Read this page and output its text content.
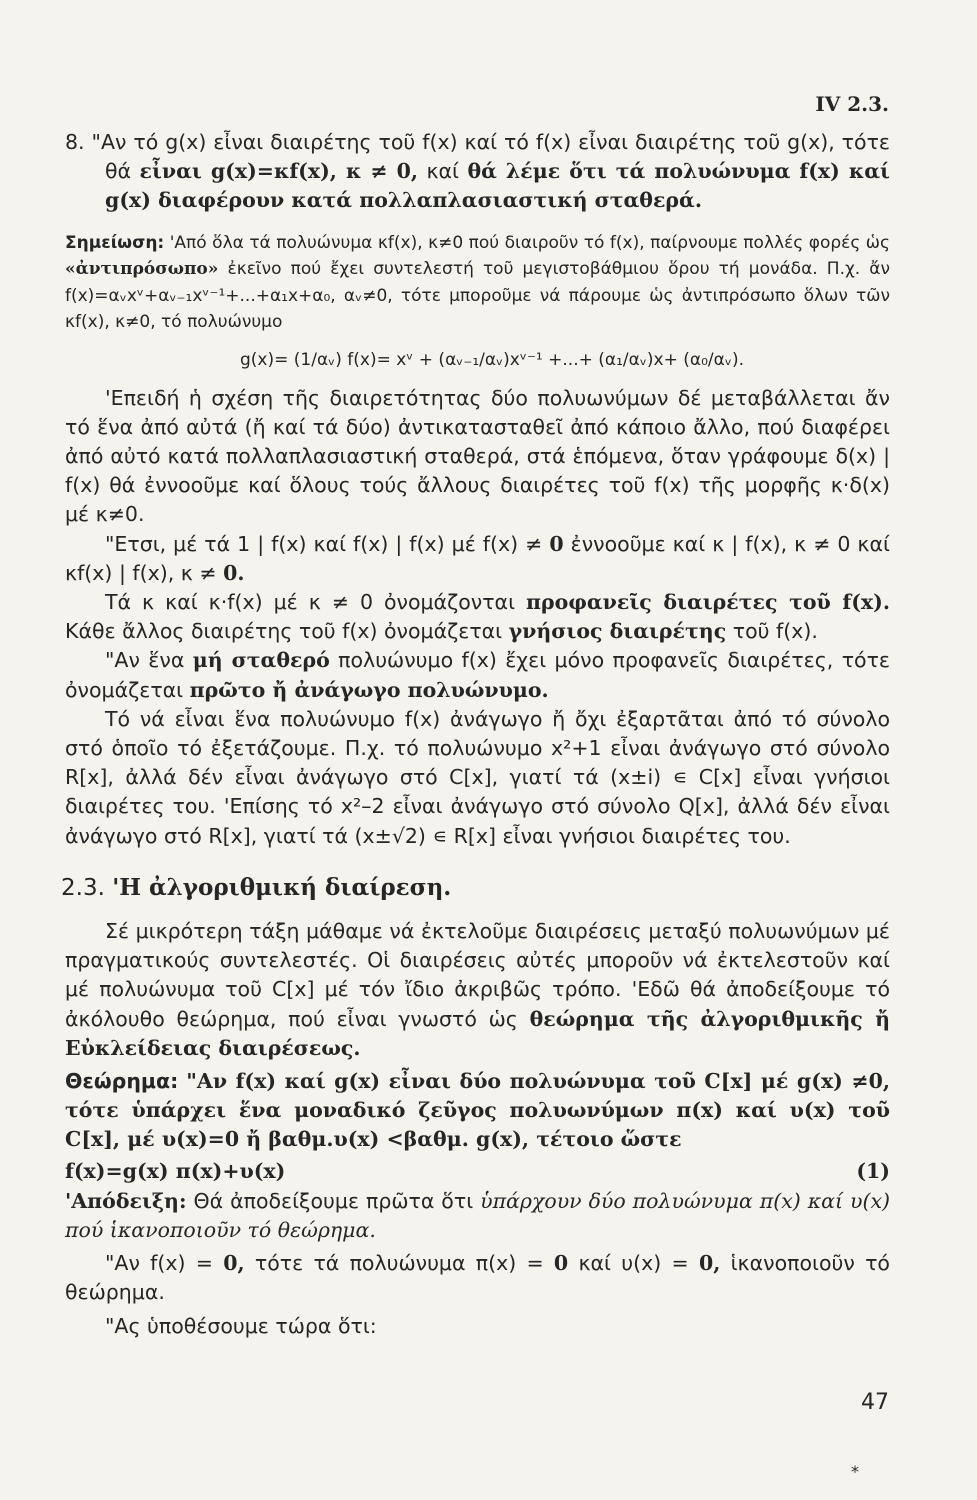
IV 2.3.

8. "Αν τό g(x) εἶναι διαιρέτης τοῦ f(x) καί τό f(x) εἶναι διαιρέτης τοῦ g(x), τότε θά εἶναι g(x)=κf(x), κ ≠ 0, καί θά λέμε ὅτι τά πολυώνυμα f(x) καί g(x) διαφέρουν κατά πολλαπλασιαστική σταθερά.

Σημείωση: 'Από ὅλα τά πολυώνυμα κf(x), κ≠0 πού διαιροῦν τό f(x), παίρνουμε πολλές φορές ὡς «ἀντιπρόσωπο» ἐκεῖνο πού ἔχει συντελεστή τοῦ μεγιστοβάθμιου ὅρου τή μονάδα. Π.χ. ἄν f(x)=αᵥxᵛ+αᵥ₋₁xᵛ⁻¹+...+α₁x+α₀, αᵥ≠0, τότε μποροῦμε νά πάρουμε ὡς ἀντιπρόσωπο ὅλων τῶν κf(x), κ≠0, τό πολυώνυμο

g(x)= (1/αᵥ) f(x)= xᵛ + (αᵥ₋₁/αᵥ)xᵛ⁻¹ +...+ (α₁/αᵥ)x+ (α₀/αᵥ).

'Επειδή ἡ σχέση τῆς διαιρετότητας δύο πολυωνύμων δέ μεταβάλλεται ἄν τό ἕνα ἀπό αὐτά (ἤ καί τά δύο) ἀντικατασταθεῖ ἀπό κάποιο ἄλλο, πού διαφέρει ἀπό αὐτό κατά πολλαπλασιαστική σταθερά, στά ἑπόμενα, ὅταν γράφουμε δ(x) | f(x) θά ἐννοοῦμε καί ὅλους τούς ἄλλους διαιρέτες τοῦ f(x) τῆς μορφῆς κ·δ(x) μέ κ≠0.

"Ετσι, μέ τά 1 | f(x) καί f(x) | f(x) μέ f(x) ≠ 0 ἐννοοῦμε καί κ | f(x), κ ≠ 0 καί κf(x) | f(x), κ ≠ 0.

Τά κ καί κ·f(x) μέ κ ≠ 0 ὀνομάζονται προφανεῖς διαιρέτες τοῦ f(x). Κάθε ἄλλος διαιρέτης τοῦ f(x) ὀνομάζεται γνήσιος διαιρέτης τοῦ f(x).

"Αν ἕνα μή σταθερό πολυώνυμο f(x) ἔχει μόνο προφανεῖς διαιρέτες, τότε ὀνομάζεται πρῶτο ἤ ἀνάγωγο πολυώνυμο.

Τό νά εἶναι ἕνα πολυώνυμο f(x) ἀνάγωγο ἤ ὄχι ἐξαρτᾶται ἀπό τό σύνολο στό ὁποῖο τό ἐξετάζουμε. Π.χ. τό πολυώνυμο x²+1 εἶναι ἀνάγωγο στό σύνολο R[x], ἀλλά δέν εἶναι ἀνάγωγο στό C[x], γιατί τά (x±i) ∊ C[x] εἶναι γνήσιοι διαιρέτες του. 'Επίσης τό x²–2 εἶναι ἀνάγωγο στό σύνολο Q[x], ἀλλά δέν εἶναι ἀνάγωγο στό R[x], γιατί τά (x±√2) ∊ R[x] εἶναι γνήσιοι διαιρέτες του.

2.3. 'Η ἀλγοριθμική διαίρεση.

Σέ μικρότερη τάξη μάθαμε νά ἐκτελοῦμε διαιρέσεις μεταξύ πολυωνύμων μέ πραγματικούς συντελεστές. Οἱ διαιρέσεις αὐτές μποροῦν νά ἐκτελεστοῦν καί μέ πολυώνυμα τοῦ C[x] μέ τόν ἴδιο ἀκριβῶς τρόπο. 'Εδῶ θά ἀποδείξουμε τό ἀκόλουθο θεώρημα, πού εἶναι γνωστό ὡς θεώρημα τῆς ἀλγοριθμικῆς ἤ Εὐκλείδειας διαιρέσεως.

Θεώρημα: "Αν f(x) καί g(x) εἶναι δύο πολυώνυμα τοῦ C[x] μέ g(x) ≠0, τότε ὑπάρχει ἕνα μοναδικό ζεῦγος πολυωνύμων π(x) καί υ(x) τοῦ C[x], μέ υ(x)=0 ἤ βαθμ.υ(x) <βαθμ. g(x), τέτοιο ὥστε

f(x)=g(x) π(x)+υ(x)	(1)

'Απόδειξη: Θά ἀποδείξουμε πρῶτα ὅτι ὑπάρχουν δύο πολυώνυμα π(x) καί υ(x) πού ἱκανοποιοῦν τό θεώρημα.

"Αν f(x) = 0, τότε τά πολυώνυμα π(x) = 0 καί υ(x) = 0, ἱκανοποιοῦν τό θεώρημα.

"Ας ὑποθέσουμε τώρα ὅτι:

47
*
